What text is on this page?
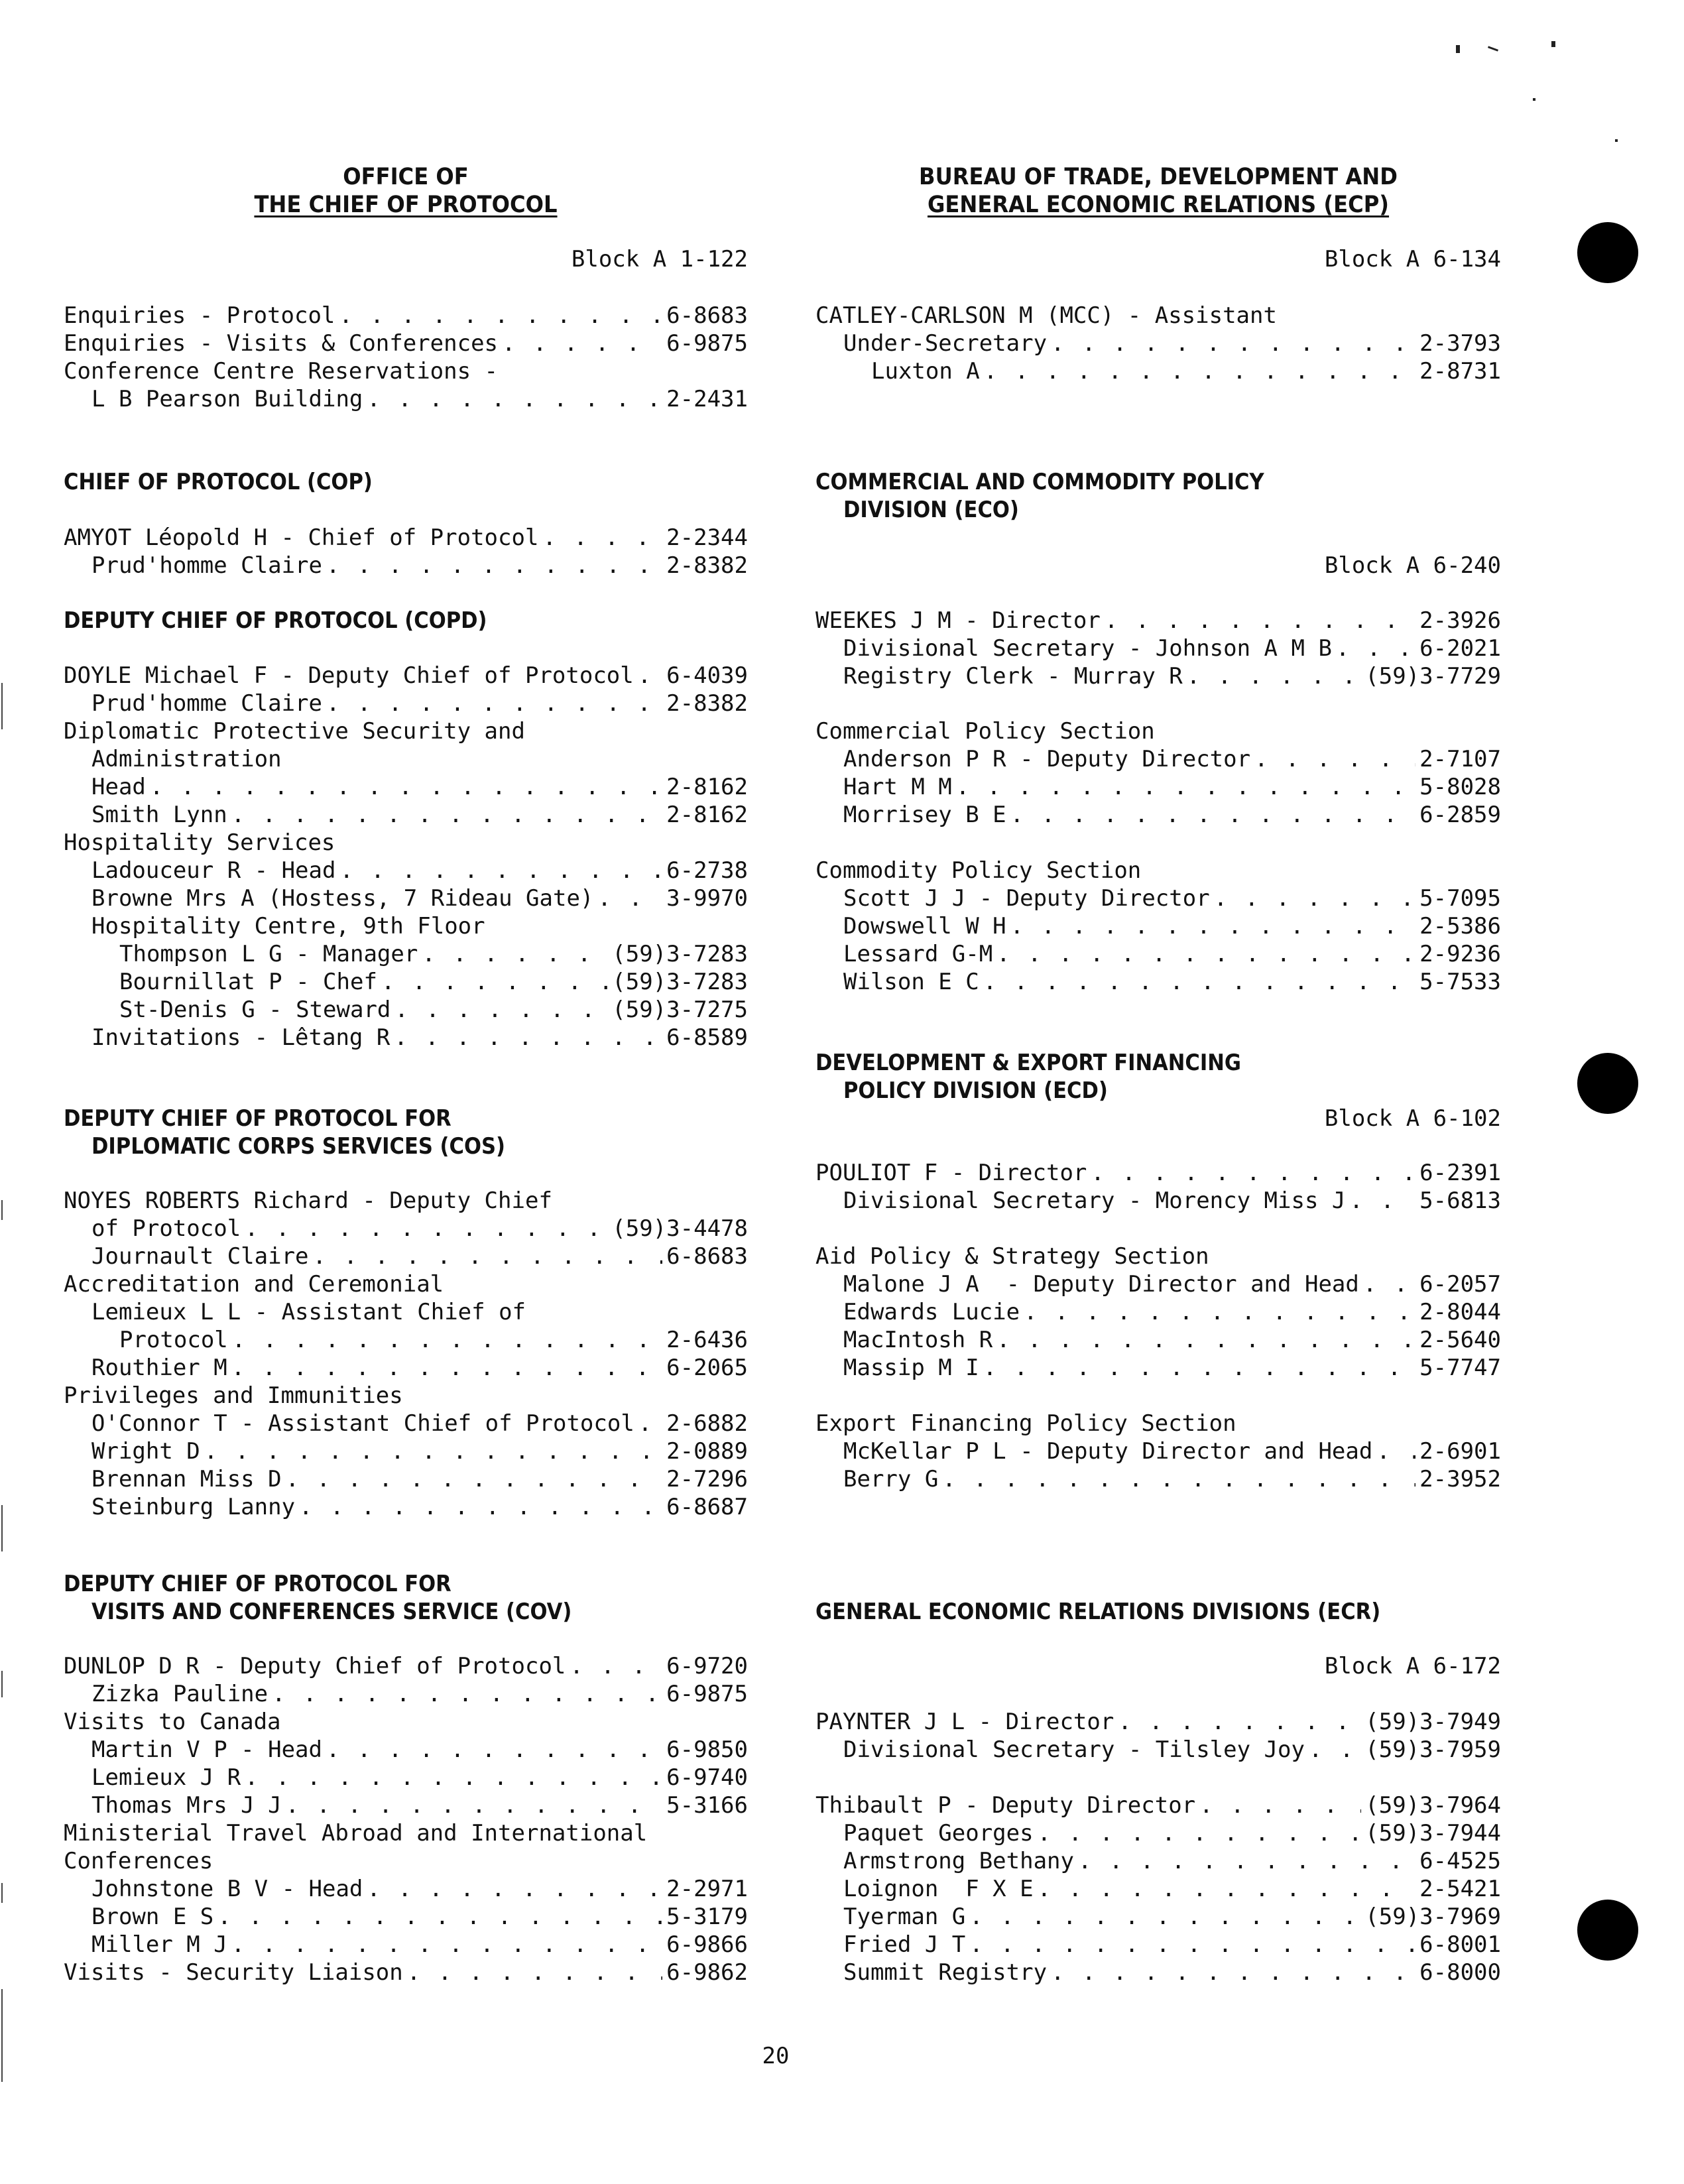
OFFICE OF
THE CHIEF OF PROTOCOL
Block A 1-122
Enquiries - Protocol . . .	6-8683
Enquiries - Visits & Conferences . . .	6-9875
Conference Centre Reservations -
L B Pearson Building . . .	2-2431
CHIEF OF PROTOCOL (COP)
AMYOT Léopold H - Chief of Protocol . . .	2-2344
Prud'homme Claire . . .	2-8382
DEPUTY CHIEF OF PROTOCOL (COPD)
DOYLE Michael F - Deputy Chief of Protocol . . . 6-4039
Prud'homme Claire . . .	2-8382
Diplomatic Protective Security and
Administration
Head . . .	2-8162
Smith Lynn . . .	2-8162
Hospitality Services
Ladouceur R - Head . . .	6-2738
Browne Mrs A (Hostess, 7 Rideau Gate) . . .	3-9970
Hospitality Centre, 9th Floor
Thompson L G - Manager . . .	(59)3-7283
Bournillat P - Chef . . .	(59)3-7283
St-Denis G - Steward . . .	(59)3-7275
Invitations - Lêtang R . . .	6-8589
DEPUTY CHIEF OF PROTOCOL FOR
DIPLOMATIC CORPS SERVICES (COS)
NOYES ROBERTS Richard - Deputy Chief
of Protocol . . .	(59)3-4478
Journault Claire . . .	6-8683
Accreditation and Ceremonial
Lemieux L L - Assistant Chief of
Protocol . . .	2-6436
Routhier M . . .	6-2065
Privileges and Immunities
O'Connor T - Assistant Chief of Protocol . . . 2-6882
Wright D . . .	2-0889
Brennan Miss D . . .	2-7296
Steinburg Lanny . . .	6-8687
DEPUTY CHIEF OF PROTOCOL FOR
VISITS AND CONFERENCES SERVICE (COV)
DUNLOP D R - Deputy Chief of Protocol . . .	6-9720
Zizka Pauline . . .	6-9875
Visits to Canada
Martin V P - Head . . .	6-9850
Lemieux J R . . .	6-9740
Thomas Mrs J J . . .	5-3166
Ministerial Travel Abroad and International
Conferences
Johnstone B V - Head . . .	2-2971
Brown E S . . .	5-3179
Miller M J . . .	6-9866
Visits - Security Liaison . . .	6-9862
BUREAU OF TRADE, DEVELOPMENT AND
GENERAL ECONOMIC RELATIONS (ECP)
Block A 6-134
CATLEY-CARLSON M (MCC) - Assistant
Under-Secretary . . .	2-3793
Luxton A . . .	2-8731
COMMERCIAL AND COMMODITY POLICY
DIVISION (ECO)
Block A 6-240
WEEKES J M - Director . . .	2-3926
Divisional Secretary - Johnson A M B . . .	6-2021
Registry Clerk - Murray R . . .	(59)3-7729
Commercial Policy Section
Anderson P R - Deputy Director . . .	2-7107
Hart M M . . .	5-8028
Morrisey B E . . .	6-2859
Commodity Policy Section
Scott J J - Deputy Director . . .	5-7095
Dowswell W H . . .	2-5386
Lessard G-M . . .	2-9236
Wilson E C . . .	5-7533
DEVELOPMENT & EXPORT FINANCING
POLICY DIVISION (ECD)
Block A 6-102
POULIOT F - Director . . .	6-2391
Divisional Secretary - Morency Miss J . . .	5-6813
Aid Policy & Strategy Section
Malone J A  - Deputy Director and Head . . .	6-2057
Edwards Lucie . . .	2-8044
MacIntosh R . . .	2-5640
Massip M I . . .	5-7747
Export Financing Policy Section
McKellar P L - Deputy Director and Head . . . 2-6901
Berry G . . .	2-3952
GENERAL ECONOMIC RELATIONS DIVISIONS (ECR)
Block A 6-172
PAYNTER J L - Director . . .	(59)3-7949
Divisional Secretary - Tilsley Joy . . .	(59)3-7959
Thibault P - Deputy Director . . .	(59)3-7964
Paquet Georges . . .	(59)3-7944
Armstrong Bethany . . .	6-4525
Loignon  F X E . . .	2-5421
Tyerman G . . .	(59)3-7969
Fried J T . . .	6-8001
Summit Registry . . .	6-8000
20
